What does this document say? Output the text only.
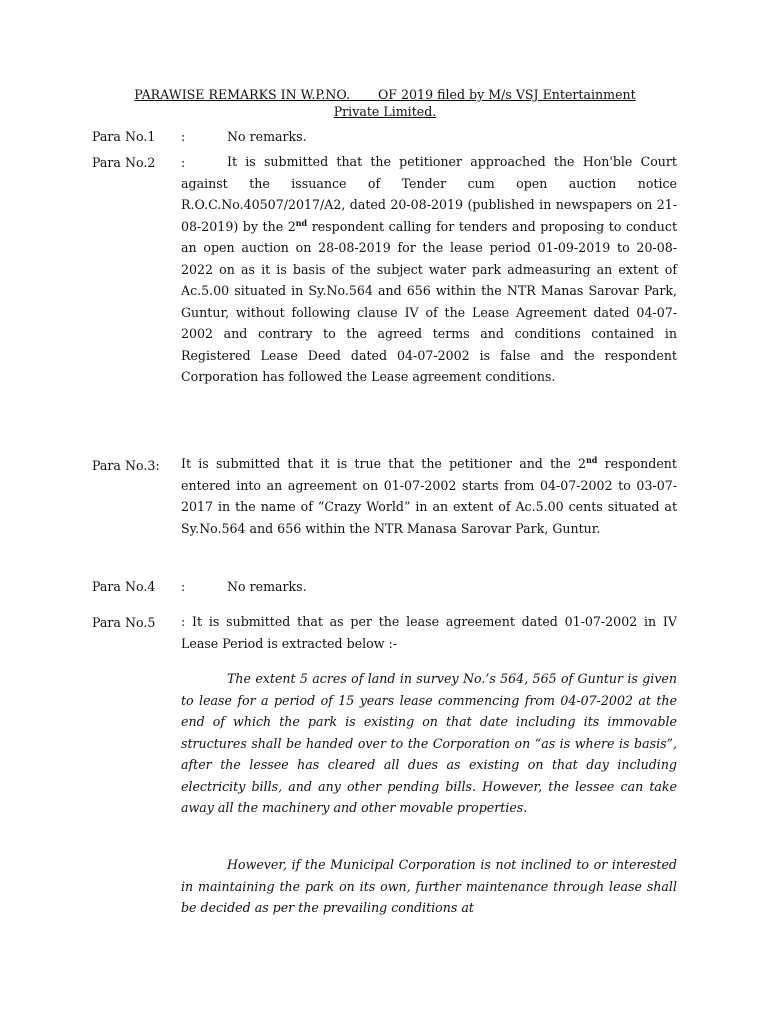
PARAWISE REMARKS IN W.P.NO.       OF 2019 filed by M/s VSJ Entertainment
Private Limited.
Para No.1 :	No remarks.
Para No.2 :	It is submitted that the petitioner approached the Hon'ble Court against the issuance of Tender cum open auction notice R.O.C.No.40507/2017/A2, dated 20-08-2019 (published in newspapers on 21-08-2019) by the 2nd respondent calling for tenders and proposing to conduct an open auction on 28-08-2019 for the lease period 01-09-2019 to 20-08-2022 on as it is basis of the subject water park admeasuring an extent of Ac.5.00 situated in Sy.No.564 and 656 within the NTR Manas Sarovar Park, Guntur, without following clause IV of the Lease Agreement dated 04-07-2002 and contrary to the agreed terms and conditions contained in Registered Lease Deed dated 04-07-2002 is false and the respondent Corporation has followed the Lease agreement conditions.
Para No.3: It is submitted that it is true that the petitioner and the 2nd respondent entered into an agreement on 01-07-2002 starts from 04-07-2002 to 03-07-2017 in the name of “Crazy World” in an extent of Ac.5.00 cents situated at Sy.No.564 and 656 within the NTR Manasa Sarovar Park, Guntur.
Para No.4 :	No remarks.
Para No.5 : It is submitted that as per the lease agreement dated 01-07-2002 in IV Lease Period is extracted below :-
The extent 5 acres of land in survey No.’s 564, 565 of Guntur is given to lease for a period of 15 years lease commencing from 04-07-2002 at the end of which the park is existing on that date including its immovable structures shall be handed over to the Corporation on “as is where is basis”, after the lessee has cleared all dues as existing on that day including electricity bills, and any other pending bills. However, the lessee can take away all the machinery and other movable properties.
However, if the Municipal Corporation is not inclined to or interested in maintaining the park on its own, further maintenance through lease shall be decided as per the prevailing conditions at
